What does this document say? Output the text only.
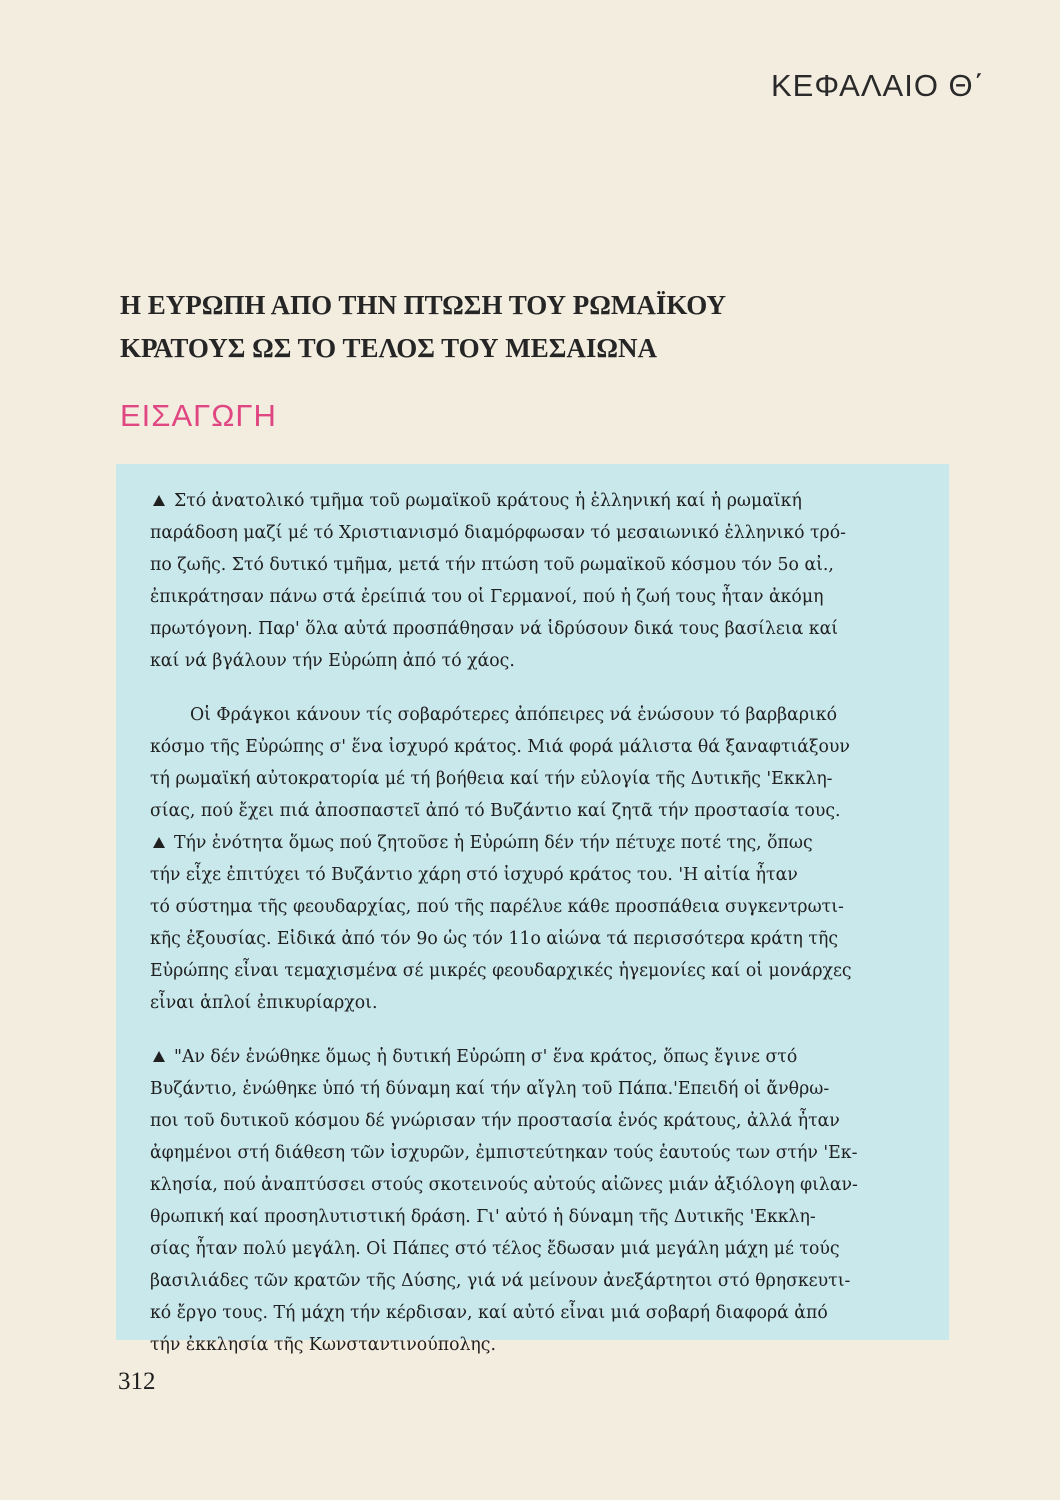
ΚΕΦΑΛΑΙΟ Θ΄
Η ΕΥΡΩΠΗ ΑΠΟ ΤΗΝ ΠΤΩΣΗ ΤΟΥ ΡΩΜΑΪΚΟΥ
ΚΡΑΤΟΥΣ ΩΣ ΤΟ ΤΕΛΟΣ ΤΟΥ ΜΕΣΑΙΩΝΑ
ΕΙΣΑΓΩΓΗ

Στό ἀνατολικό τμῆμα τοῦ ρωμαϊκοῦ κράτους ἡ ἑλληνική καί ἡ ρωμαϊκή
παράδοση μαζί μέ τό Χριστιανισμό διαμόρφωσαν τό μεσαιωνικό ἑλληνικό τρό-
πο ζωῆς. Στό δυτικό τμῆμα, μετά τήν πτώση τοῦ ρωμαϊκοῦ κόσμου τόν 5ο αἰ.,
ἐπικράτησαν πάνω στά ἐρείπιά του οἱ Γερμανοί, πού ἡ ζωή τους ἦταν ἀκόμη
πρωτόγονη. Παρ' ὅλα αὐτά προσπάθησαν νά ἱδρύσουν δικά τους βασίλεια καί
καί νά βγάλουν τήν Εὐρώπη ἀπό τό χάος.

Οἱ Φράγκοι κάνουν τίς σοβαρότερες ἀπόπειρες νά ἑνώσουν τό βαρβαρικό
κόσμο τῆς Εὐρώπης σ' ἕνα ἰσχυρό κράτος. Μιά φορά μάλιστα θά ξαναφτιάξουν
τή ρωμαϊκή αὐτοκρατορία μέ τή βοήθεια καί τήν εὐλογία τῆς Δυτικῆς 'Εκκλη-
σίας, πού ἔχει πιά ἀποσπαστεῖ ἀπό τό Βυζάντιο καί ζητᾶ τήν προστασία τους.

Τήν ἑνότητα ὅμως πού ζητοῦσε ἡ Εὐρώπη δέν τήν πέτυχε ποτέ της, ὅπως
τήν εἶχε ἐπιτύχει τό Βυζάντιο χάρη στό ἰσχυρό κράτος του. 'Η αἰτία ἦταν
τό σύστημα τῆς φεουδαρχίας, πού τῆς παρέλυε κάθε προσπάθεια συγκεντρωτι-
κῆς ἐξουσίας. Εἰδικά ἀπό τόν 9ο ὡς τόν 11ο αἰώνα τά περισσότερα κράτη τῆς
Εὐρώπης εἶναι τεμαχισμένα σέ μικρές φεουδαρχικές ἡγεμονίες καί οἱ μονάρχες
εἶναι ἁπλοί ἐπικυρίαρχοι.

"Αν δέν ἑνώθηκε ὅμως ἡ δυτική Εὐρώπη σ' ἕνα κράτος, ὅπως ἔγινε στό
Βυζάντιο, ἑνώθηκε ὑπό τή δύναμη καί τήν αἴγλη τοῦ Πάπα.'Επειδή οἱ ἄνθρω-
ποι τοῦ δυτικοῦ κόσμου δέ γνώρισαν τήν προστασία ἑνός κράτους, ἀλλά ἦταν
ἀφημένοι στή διάθεση τῶν ἰσχυρῶν, ἐμπιστεύτηκαν τούς ἑαυτούς των στήν 'Εκ-
κλησία, πού ἀναπτύσσει στούς σκοτεινούς αὐτούς αἰῶνες μιάν ἀξιόλογη φιλαν-
θρωπική καί προσηλυτιστική δράση. Γι' αὐτό ἡ δύναμη τῆς Δυτικῆς 'Εκκλη-
σίας ἦταν πολύ μεγάλη. Οἱ Πάπες στό τέλος ἔδωσαν μιά μεγάλη μάχη μέ τούς
βασιλιάδες τῶν κρατῶν τῆς Δύσης, γιά νά μείνουν ἀνεξάρτητοι στό θρησκευτι-
κό ἔργο τους. Τή μάχη τήν κέρδισαν, καί αὐτό εἶναι μιά σοβαρή διαφορά ἀπό
τήν ἐκκλησία τῆς Κωνσταντινούπολης.

312
